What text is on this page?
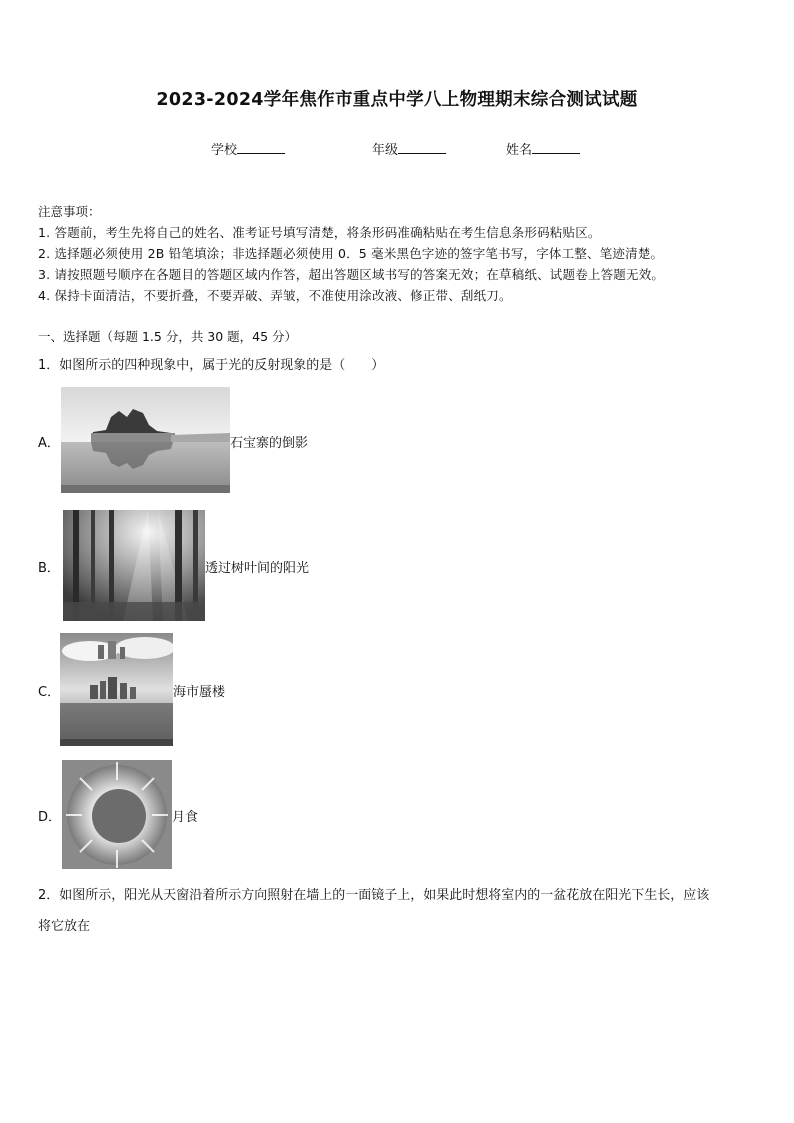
2023-2024学年焦作市重点中学八上物理期末综合测试试题
学校	年级	姓名
注意事项：
1. 答题前，考生先将自己的姓名、准考证号填写清楚，将条形码准确粘贴在考生信息条形码粘贴区。
2. 选择题必须使用 2B 铅笔填涂；非选择题必须使用 0．5 毫米黑色字迹的签字笔书写，字体工整、笔迹清楚。
3. 请按照题号顺序在各题目的答题区域内作答，超出答题区域书写的答案无效；在草稿纸、试题卷上答题无效。
4. 保持卡面清洁，不要折叠，不要弄破、弄皱，不准使用涂改液、修正带、刮纸刀。
一、选择题（每题 1.5 分，共 30 题，45 分）
1．如图所示的四种现象中，属于光的反射现象的是（　　）
A．	石宝寨的倒影
B．	透过树叶间的阳光
C．	海市蜃楼
D．	月食
2．如图所示，阳光从天窗沿着所示方向照射在墙上的一面镜子上，如果此时想将室内的一盆花放在阳光下生长，应该
将它放在
